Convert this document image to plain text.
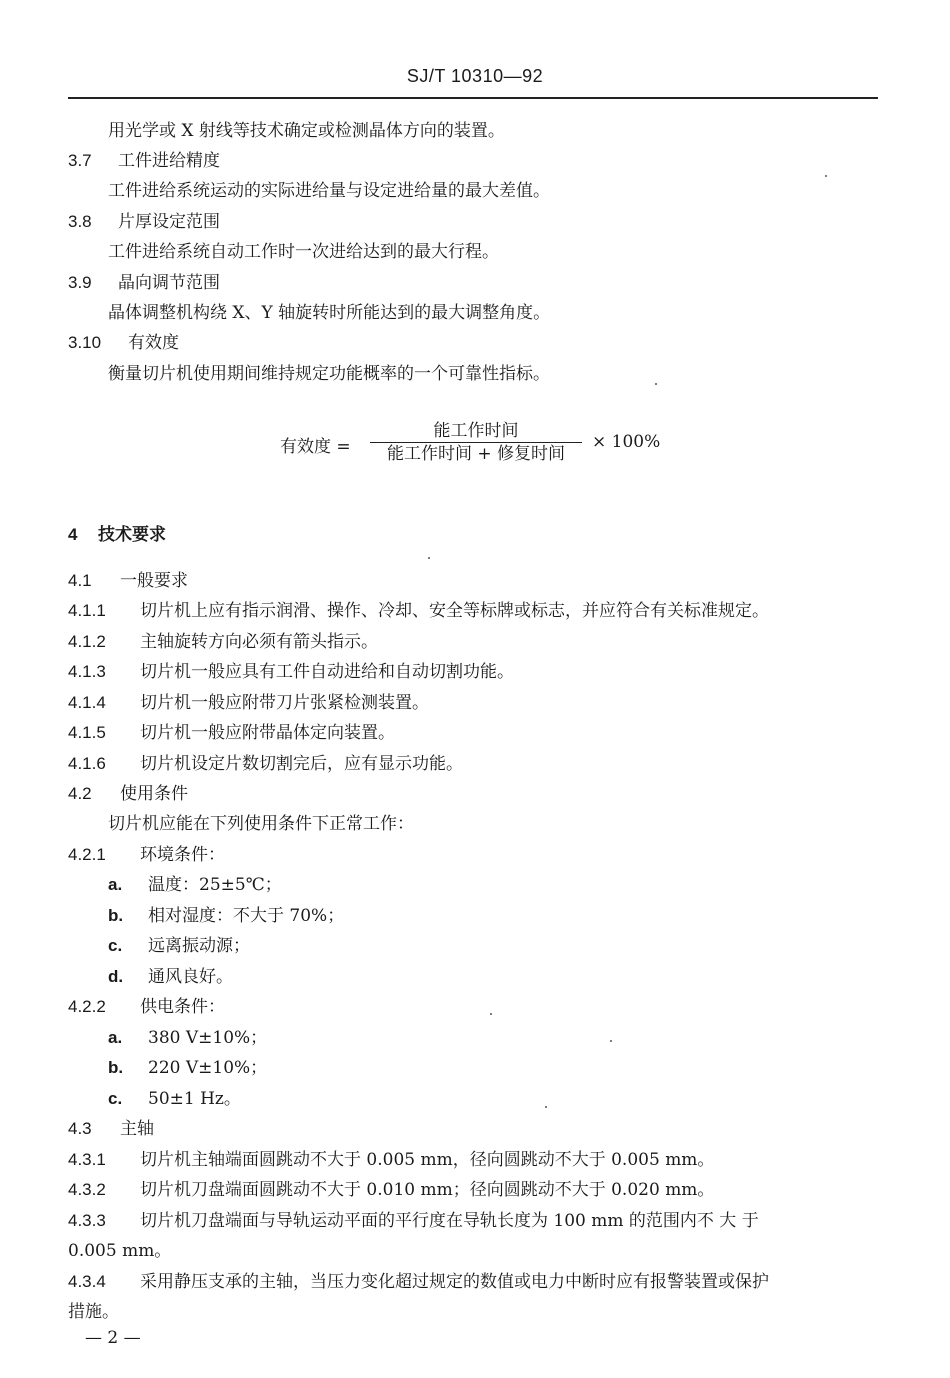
SJ/T 10310—92
用光学或 X 射线等技术确定或检测晶体方向的装置。
3.7 工件进给精度
工件进给系统运动的实际进给量与设定进给量的最大差值。
3.8 片厚设定范围
工件进给系统自动工作时一次进给达到的最大行程。
3.9 晶向调节范围
晶体调整机构绕 X、Y 轴旋转时所能达到的最大调整角度。
3.10 有效度
衡量切片机使用期间维持规定功能概率的一个可靠性指标。
有效度 =
能工作时间
能工作时间 + 修复时间
× 100%
4 技术要求
4.1 一般要求
4.1.1 切片机上应有指示润滑、操作、冷却、安全等标牌或标志，并应符合有关标准规定。
4.1.2 主轴旋转方向必须有箭头指示。
4.1.3 切片机一般应具有工件自动进给和自动切割功能。
4.1.4 切片机一般应附带刀片张紧检测装置。
4.1.5 切片机一般应附带晶体定向装置。
4.1.6 切片机设定片数切割完后，应有显示功能。
4.2 使用条件
切片机应能在下列使用条件下正常工作：
4.2.1 环境条件：
a. 温度：25±5℃；
b. 相对湿度：不大于 70%；
c. 远离振动源；
d. 通风良好。
4.2.2 供电条件：
a. 380 V±10%；
b. 220 V±10%；
c. 50±1 Hz。
4.3 主轴
4.3.1 切片机主轴端面圆跳动不大于 0.005 mm，径向圆跳动不大于 0.005 mm。
4.3.2 切片机刀盘端面圆跳动不大于 0.010 mm；径向圆跳动不大于 0.020 mm。
4.3.3 切片机刀盘端面与导轨运动平面的平行度在导轨长度为 100 mm 的范围内不 大 于
0.005 mm。
4.3.4 采用静压支承的主轴，当压力变化超过规定的数值或电力中断时应有报警装置或保护
措施。
— 2 —
